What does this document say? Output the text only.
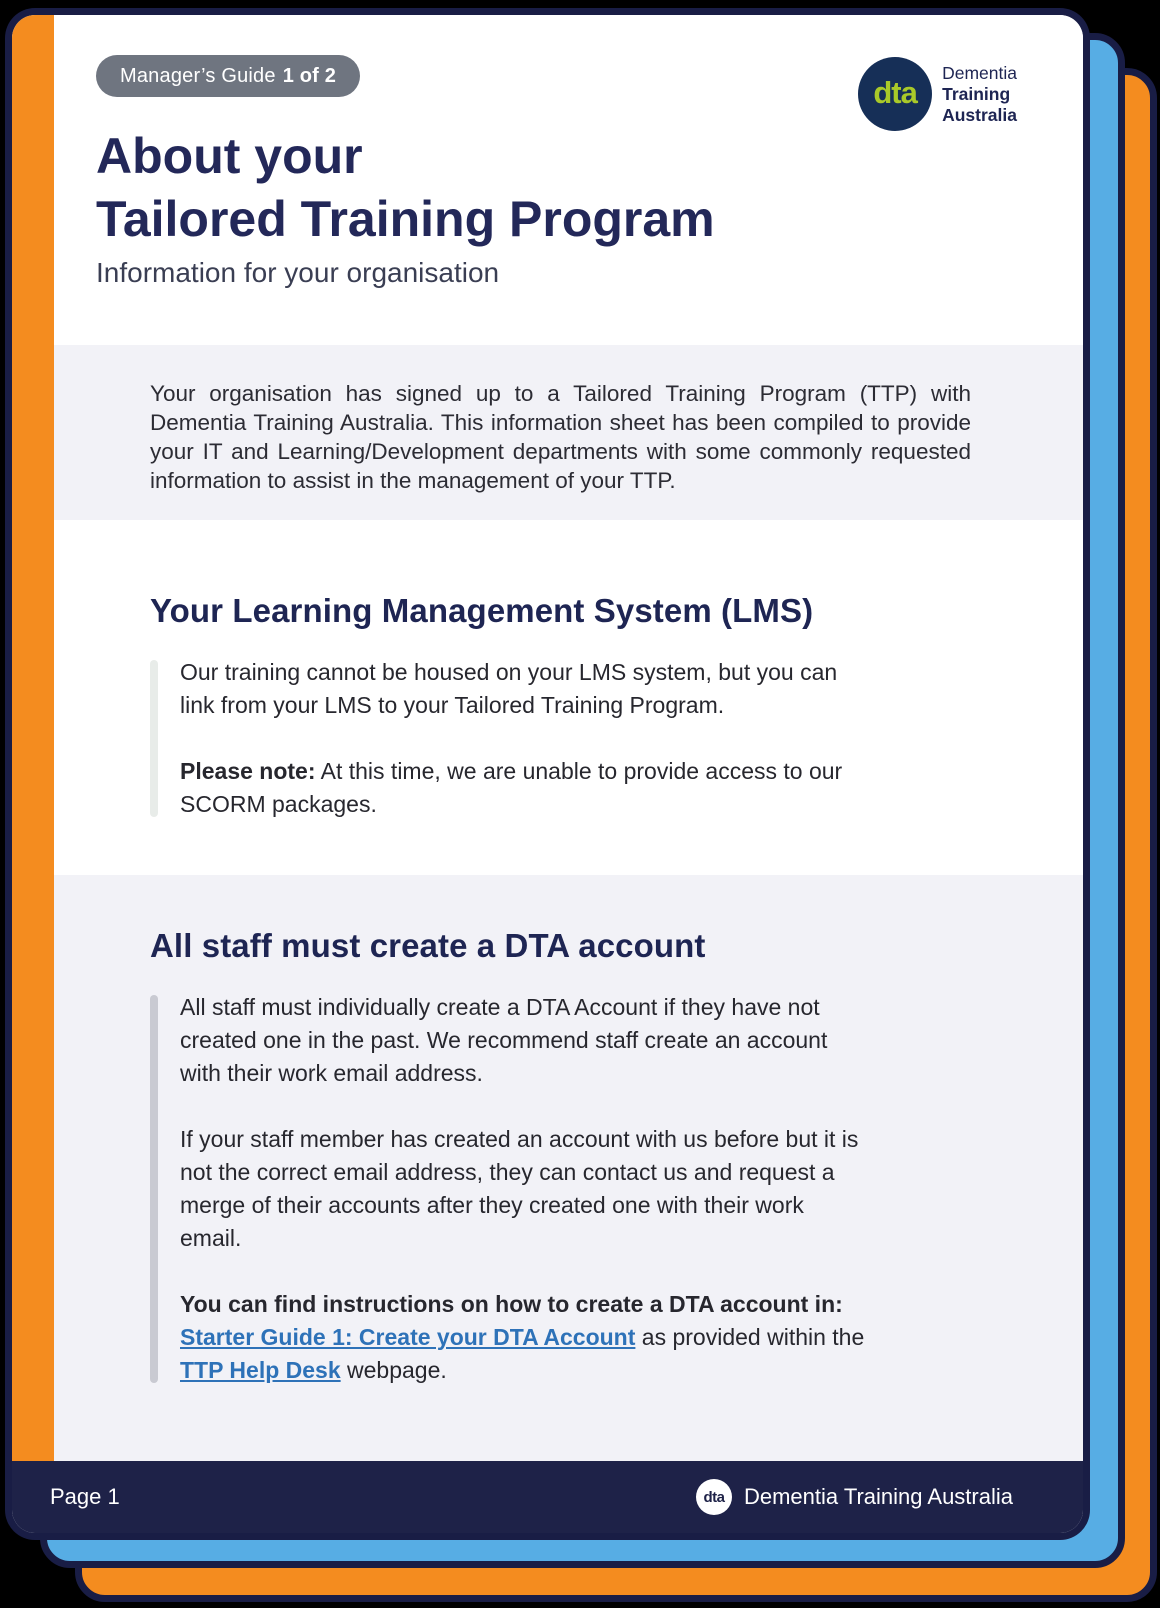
Manager’s Guide 1 of 2	dta
Dementia
Training
Australia
About your
Tailored Training Program
Information for your organisation

Your organisation has signed up to a Tailored Training Program (TTP) with Dementia Training Australia. This information sheet has been compiled to provide your IT and Learning/Development departments with some commonly requested information to assist in the management of your TTP.

Your Learning Management System (LMS)

Our training cannot be housed on your LMS system, but you can link from your LMS to your Tailored Training Program.

Please note: At this time, we are unable to provide access to our SCORM packages.

All staff must create a DTA account

All staff must individually create a DTA Account if they have not created one in the past. We recommend staff create an account with their work email address.

If your staff member has created an account with us before but it is not the correct email address, they can contact us and request a merge of their accounts after they created one with their work email.

You can find instructions on how to create a DTA account in:
Starter Guide 1: Create your DTA Account as provided within the TTP Help Desk webpage.

Page 1	dta Dementia Training Australia
